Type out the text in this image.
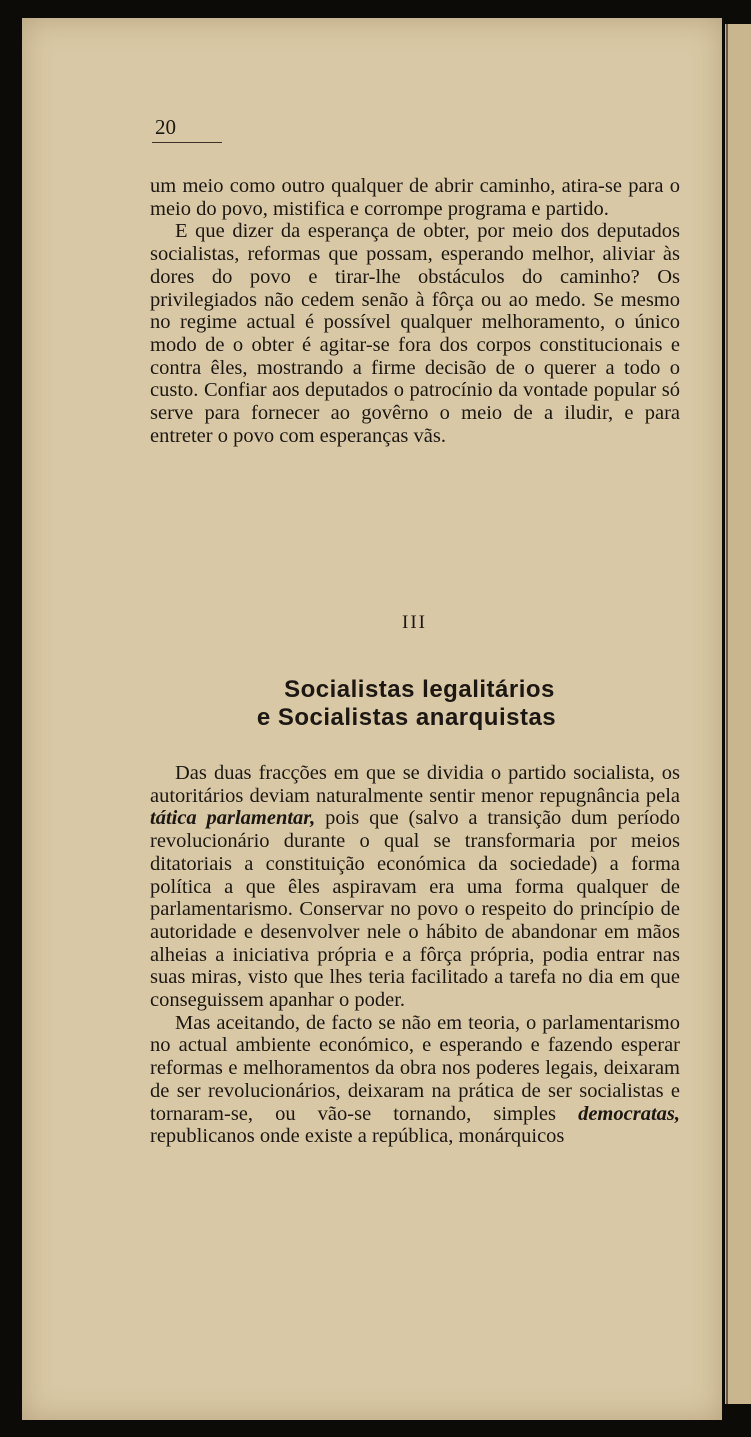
20

um meio como outro qualquer de abrir caminho, atira-se para o meio do povo, mistifica e corrompe programa e partido.

E que dizer da esperança de obter, por meio dos deputados socialistas, reformas que possam, esperando melhor, aliviar às dores do povo e tirar-lhe obstáculos do caminho? Os privilegiados não cedem senão à fôrça ou ao medo. Se mesmo no regime actual é possível qualquer melhoramento, o único modo de o obter é agitar-se fora dos corpos constitucionais e contra êles, mostrando a firme decisão de o querer a todo o custo. Confiar aos deputados o patrocínio da vontade popular só serve para fornecer ao govêrno o meio de a iludir, e para entreter o povo com esperanças vãs.

III
Socialistas legalitários
e Socialistas anarquistas

Das duas fracções em que se dividia o partido socialista, os autoritários deviam naturalmente sentir menor repugnância pela tática parlamentar, pois que (salvo a transição dum período revolucionário durante o qual se transformaria por meios ditatoriais a constituição económica da sociedade) a forma política a que êles aspiravam era uma forma qualquer de parlamentarismo. Conservar no povo o respeito do princípio de autoridade e desenvolver nele o hábito de abandonar em mãos alheias a iniciativa própria e a fôrça própria, podia entrar nas suas miras, visto que lhes teria facilitado a tarefa no dia em que conseguissem apanhar o poder.

Mas aceitando, de facto se não em teoria, o parlamentarismo no actual ambiente económico, e esperando e fazendo esperar reformas e melhoramentos da obra nos poderes legais, deixaram de ser revolucionários, deixaram na prática de ser socialistas e tornaram-se, ou vão-se tornando, simples democratas, republicanos onde existe a república, monárquicos
